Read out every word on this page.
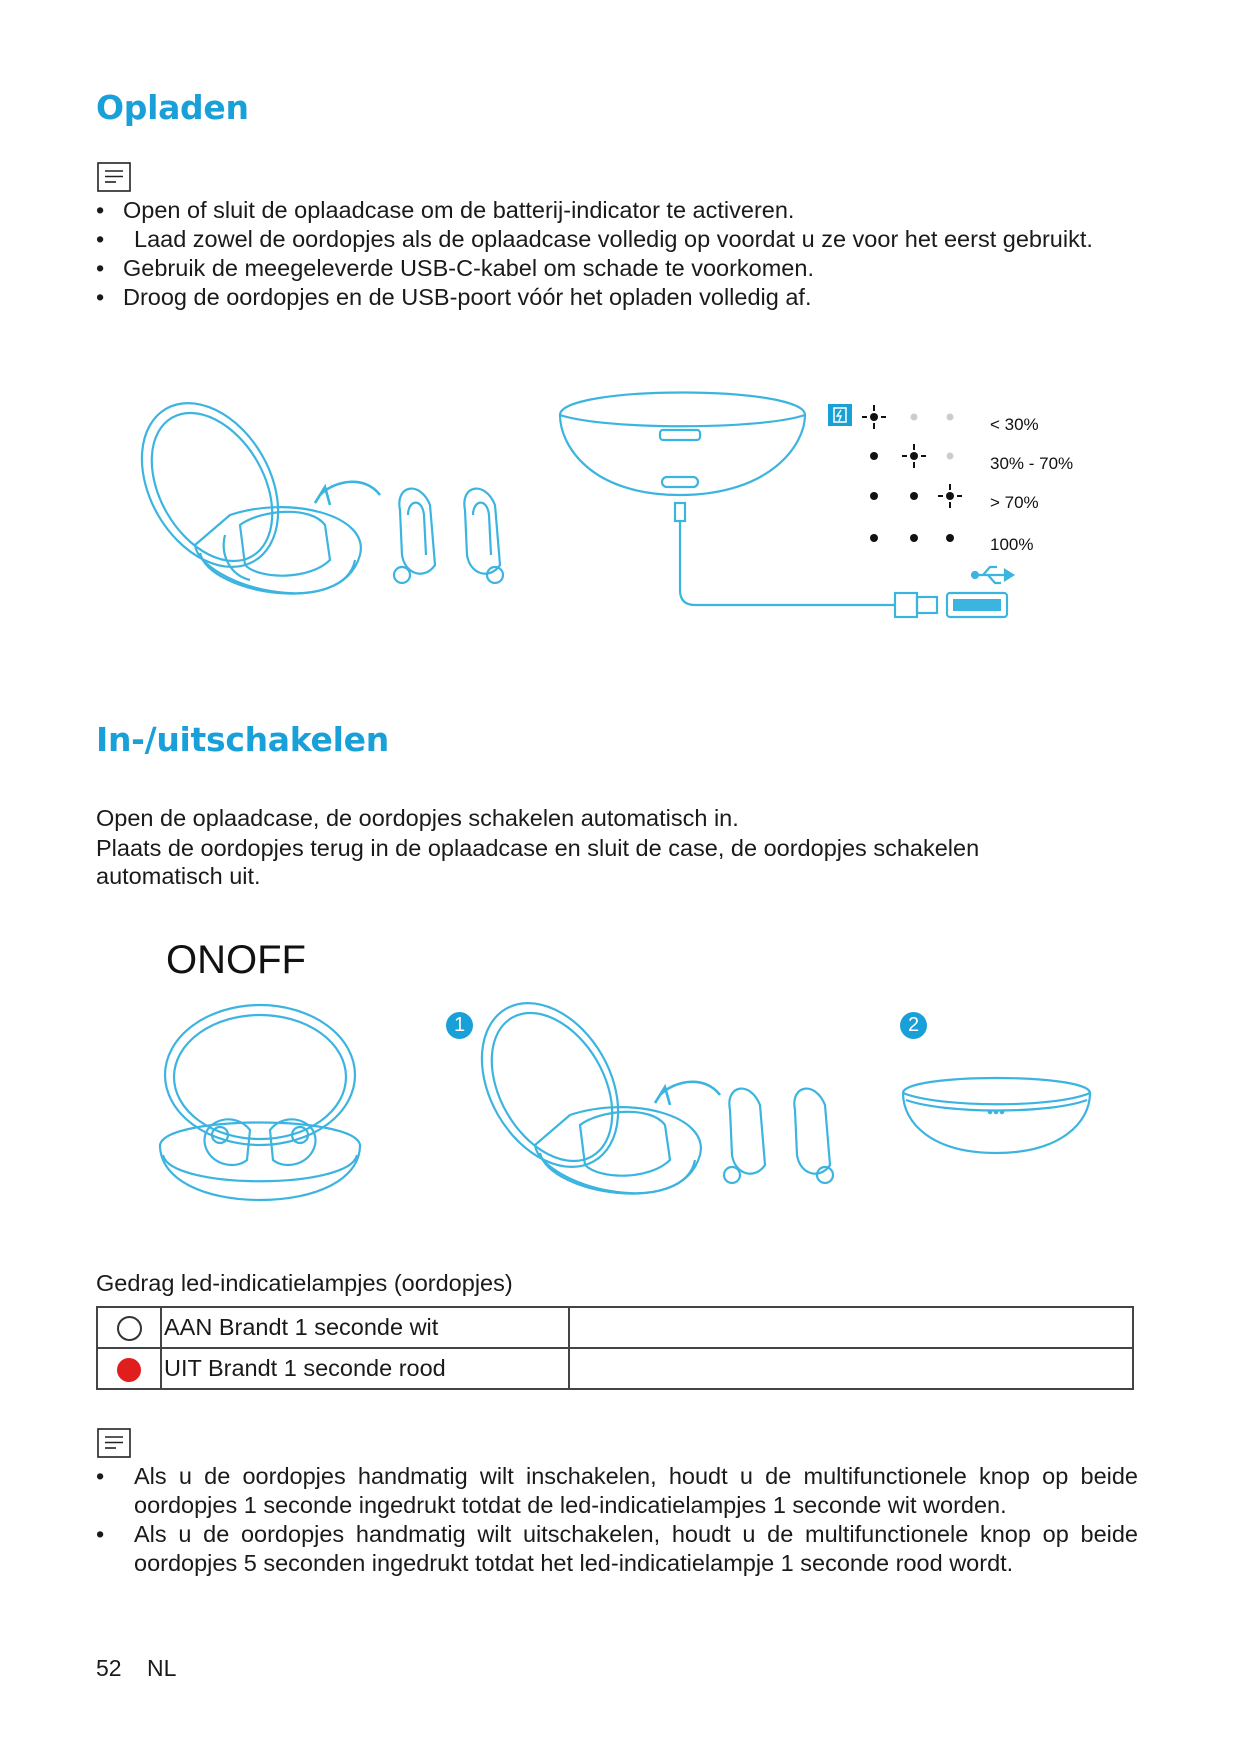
Opladen
• Open of sluit de oplaadcase om de batterij-indicator te activeren.
• Laad zowel de oordopjes als de oplaadcase volledig op voordat u ze voor het eerst gebruikt.
• Gebruik de meegeleverde USB-C-kabel om schade te voorkomen.
• Droog de oordopjes en de USB-poort vóór het opladen volledig af.
< 30%
30% - 70%
> 70%
100%
In-/uitschakelen

Open de oplaadcase, de oordopjes schakelen automatisch in.

Plaats de oordopjes terug in de oplaadcase en sluit de case, de oordopjes schakelen automatisch uit.

ONOFF
1	2
Gedrag led-indicatielampjes (oordopjes)
	AAN Brandt 1 seconde wit	
	UIT Brandt 1 seconde rood	
• Als u de oordopjes handmatig wilt inschakelen, houdt u de multifunctionele knop op beide oordopjes 1 seconde ingedrukt totdat de led-indicatielampjes 1 seconde wit worden.
• Als u de oordopjes handmatig wilt uitschakelen, houdt u de multifunctionele knop op beide oordopjes 5 seconden ingedrukt totdat het led-indicatielampje 1 seconde rood wordt.
52 NL
